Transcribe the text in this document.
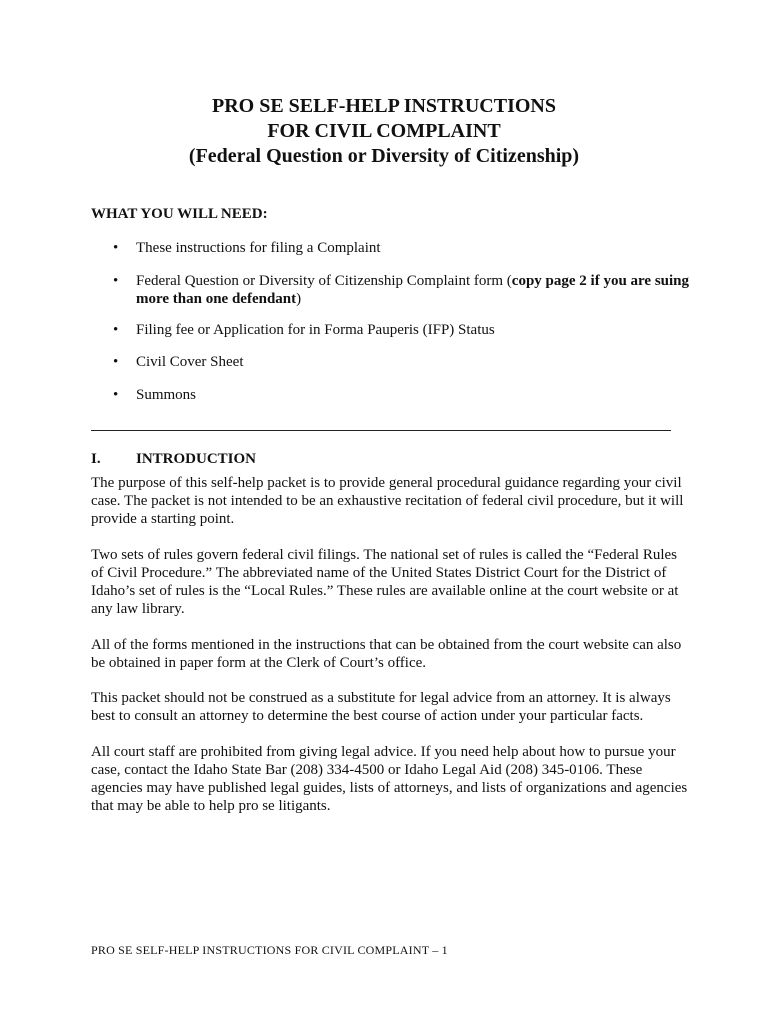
PRO SE SELF-HELP INSTRUCTIONS
FOR CIVIL COMPLAINT
(Federal Question or Diversity of Citizenship)
WHAT YOU WILL NEED:
• These instructions for filing a Complaint
• Federal Question or Diversity of Citizenship Complaint form (copy page 2 if you are suing more than one defendant)
• Filing fee or Application for in Forma Pauperis (IFP) Status
• Civil Cover Sheet
• Summons
I. INTRODUCTION

The purpose of this self-help packet is to provide general procedural guidance regarding your civil case. The packet is not intended to be an exhaustive recitation of federal civil procedure, but it will provide a starting point.

Two sets of rules govern federal civil filings. The national set of rules is called the “Federal Rules of Civil Procedure.” The abbreviated name of the United States District Court for the District of Idaho’s set of rules is the “Local Rules.” These rules are available online at the court website or at any law library.

All of the forms mentioned in the instructions that can be obtained from the court website can also be obtained in paper form at the Clerk of Court’s office.

This packet should not be construed as a substitute for legal advice from an attorney. It is always best to consult an attorney to determine the best course of action under your particular facts.

All court staff are prohibited from giving legal advice. If you need help about how to pursue your case, contact the Idaho State Bar (208) 334-4500 or Idaho Legal Aid (208) 345-0106. These agencies may have published legal guides, lists of attorneys, and lists of organizations and agencies that may be able to help pro se litigants.

PRO SE SELF-HELP INSTRUCTIONS FOR CIVIL COMPLAINT – 1
